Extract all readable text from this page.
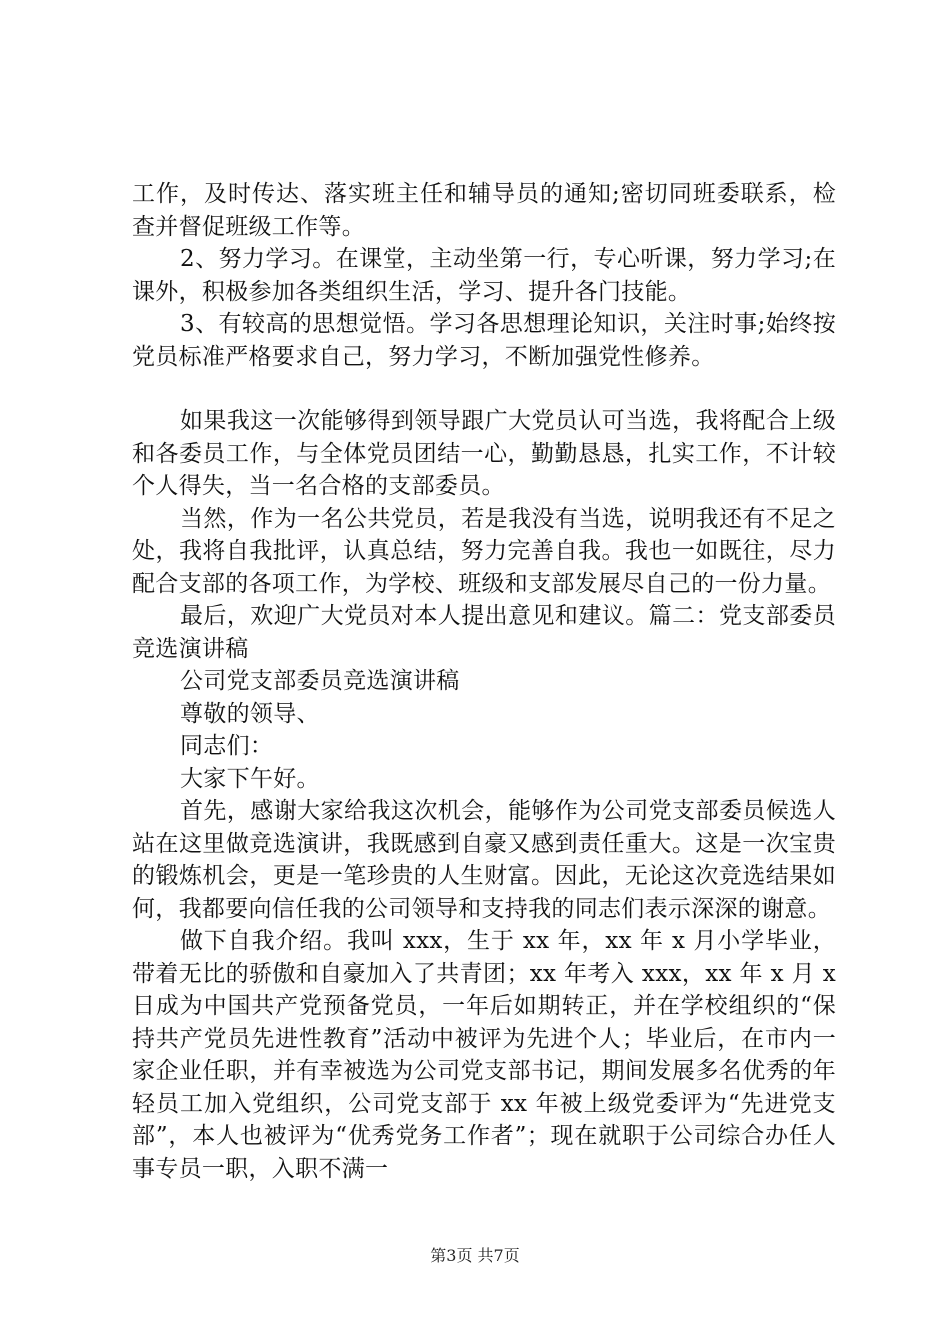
工作，及时传达、落实班主任和辅导员的通知;密切同班委联系，检查并督促班级工作等。

2、努力学习。在课堂，主动坐第一行，专心听课，努力学习;在课外，积极参加各类组织生活，学习、提升各门技能。

3、有较高的思想觉悟。学习各思想理论知识，关注时事;始终按党员标准严格要求自己，努力学习，不断加强党性修养。

如果我这一次能够得到领导跟广大党员认可当选，我将配合上级和各委员工作，与全体党员团结一心，勤勤恳恳，扎实工作，不计较个人得失，当一名合格的支部委员。

当然，作为一名公共党员，若是我没有当选，说明我还有不足之处，我将自我批评，认真总结，努力完善自我。我也一如既往，尽力配合支部的各项工作，为学校、班级和支部发展尽自己的一份力量。

最后，欢迎广大党员对本人提出意见和建议。篇二：党支部委员竞选演讲稿

公司党支部委员竞选演讲稿

尊敬的领导、

同志们：

大家下午好。

首先，感谢大家给我这次机会，能够作为公司党支部委员候选人站在这里做竞选演讲，我既感到自豪又感到责任重大。这是一次宝贵的锻炼机会，更是一笔珍贵的人生财富。因此，无论这次竞选结果如何，我都要向信任我的公司领导和支持我的同志们表示深深的谢意。

做下自我介绍。我叫 xxx，生于 xx 年，xx 年 x 月小学毕业，带着无比的骄傲和自豪加入了共青团；xx 年考入 xxx，xx 年 x 月 x 日成为中国共产党预备党员，一年后如期转正，并在学校组织的“保持共产党员先进性教育”活动中被评为先进个人；毕业后，在市内一家企业任职，并有幸被选为公司党支部书记，期间发展多名优秀的年轻员工加入党组织，公司党支部于 xx 年被上级党委评为“先进党支部”，本人也被评为“优秀党务工作者”；现在就职于公司综合办任人事专员一职，入职不满一

第3页 共7页
